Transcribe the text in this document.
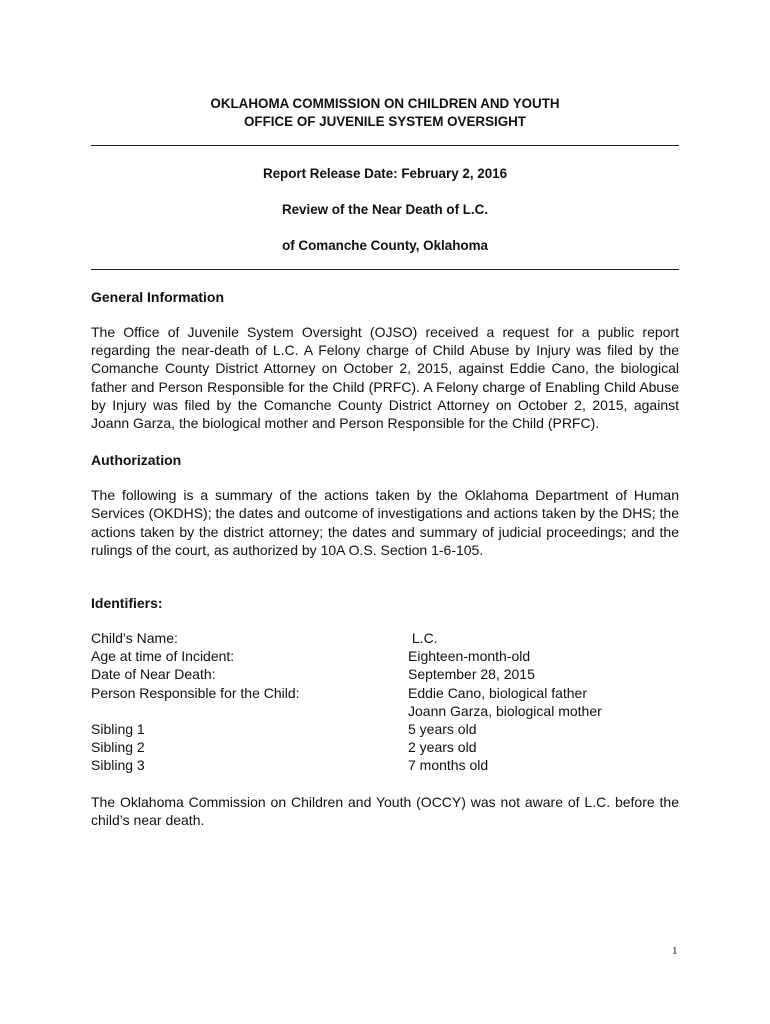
OKLAHOMA COMMISSION ON CHILDREN AND YOUTH
OFFICE OF JUVENILE SYSTEM OVERSIGHT
Report Release Date: February 2, 2016
Review of the Near Death of L.C.
of Comanche County, Oklahoma
General Information

The Office of Juvenile System Oversight (OJSO) received a request for a public report regarding the near-death of L.C. A Felony charge of Child Abuse by Injury was filed by the Comanche County District Attorney on October 2, 2015, against Eddie Cano, the biological father and Person Responsible for the Child (PRFC). A Felony charge of Enabling Child Abuse by Injury was filed by the Comanche County District Attorney on October 2, 2015, against Joann Garza, the biological mother and Person Responsible for the Child (PRFC).

Authorization

The following is a summary of the actions taken by the Oklahoma Department of Human Services (OKDHS); the dates and outcome of investigations and actions taken by the DHS; the actions taken by the district attorney; the dates and summary of judicial proceedings; and the rulings of the court, as authorized by 10A O.S. Section 1-6-105.

Identifiers:
Child’s Name:	L.C.
Age at time of Incident:	Eighteen-month-old
Date of Near Death:	September 28, 2015
Person Responsible for the Child:	Eddie Cano, biological father
Joann Garza, biological mother
Sibling 1	5 years old
Sibling 2	2 years old
Sibling 3	7 months old

The Oklahoma Commission on Children and Youth (OCCY) was not aware of L.C. before the child’s near death.

1
